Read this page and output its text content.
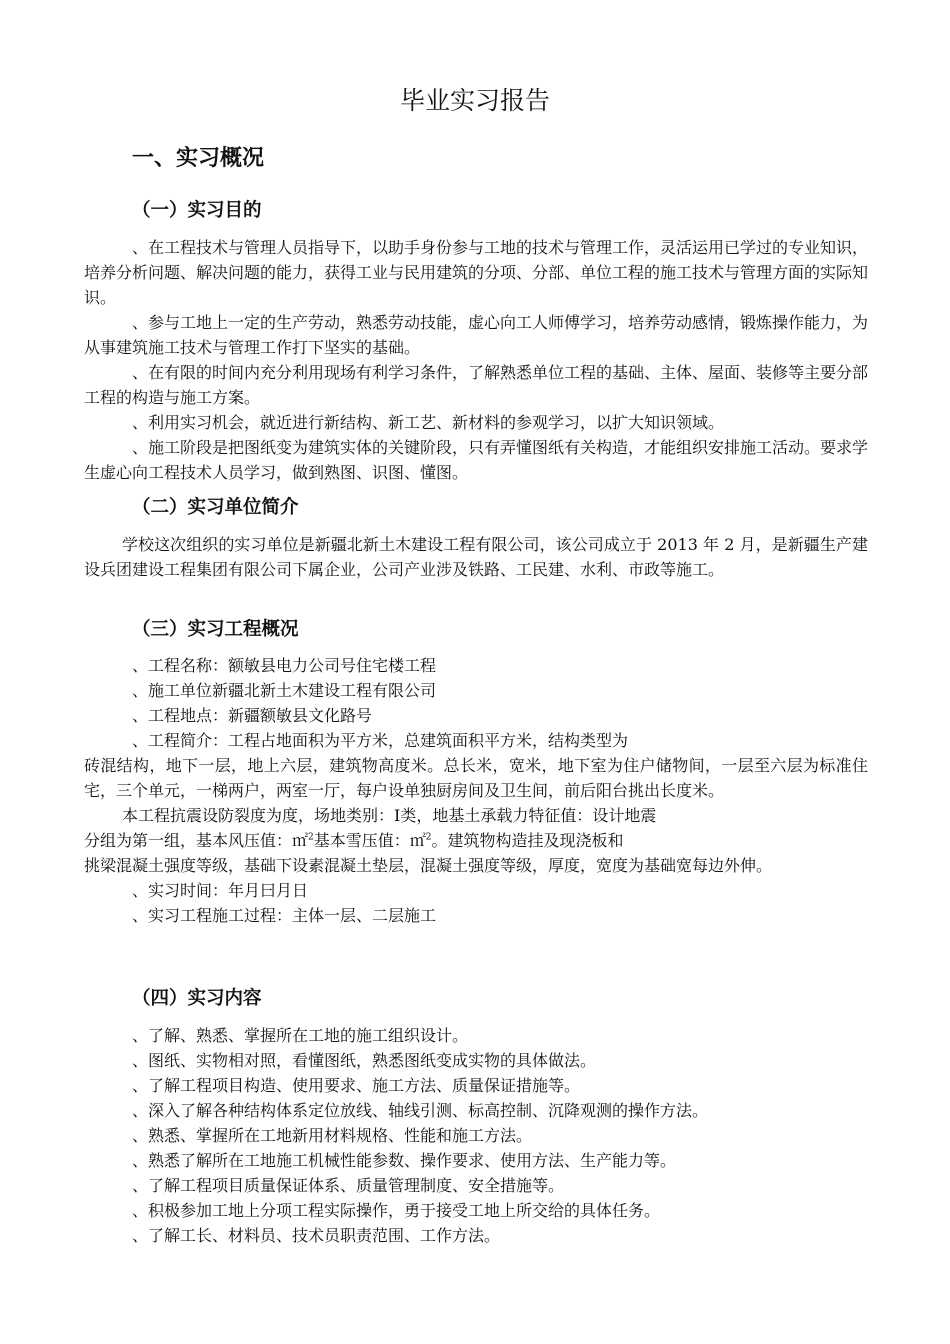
毕业实习报告
一、实习概况
（一）实习目的

、在工程技术与管理人员指导下，以助手身份参与工地的技术与管理工作，灵活运用已学过的专业知识，培养分析问题、解决问题的能力，获得工业与民用建筑的分项、分部、单位工程的施工技术与管理方面的实际知识。

、参与工地上一定的生产劳动，熟悉劳动技能，虚心向工人师傅学习，培养劳动感情，锻炼操作能力，为从事建筑施工技术与管理工作打下坚实的基础。

、在有限的时间内充分利用现场有利学习条件，了解熟悉单位工程的基础、主体、屋面、装修等主要分部工程的构造与施工方案。

、利用实习机会，就近进行新结构、新工艺、新材料的参观学习，以扩大知识领域。

、施工阶段是把图纸变为建筑实体的关键阶段，只有弄懂图纸有关构造，才能组织安排施工活动。要求学生虚心向工程技术人员学习，做到熟图、识图、懂图。

（二）实习单位简介

学校这次组织的实习单位是新疆北新土木建设工程有限公司，该公司成立于 2013 年 2 月，是新疆生产建设兵团建设工程集团有限公司下属企业，公司产业涉及铁路、工民建、水利、市政等施工。

（三）实习工程概况

、工程名称：额敏县电力公司号住宅楼工程

、施工单位新疆北新土木建设工程有限公司

、工程地点：新疆额敏县文化路号

、工程简介：工程占地面积为平方米，总建筑面积平方米，结构类型为

砖混结构，地下一层，地上六层，建筑物高度米。总长米，宽米，地下室为住户储物间，一层至六层为标准住宅，三个单元，一梯两户，两室一厅，每户设单独厨房间及卫生间，前后阳台挑出长度米。

本工程抗震设防裂度为度，场地类别：Ⅰ类，地基土承载力特征值：设计地震

分组为第一组，基本风压值：㎡$^2$基本雪压值：㎡$^2$。建筑物构造挂及现浇板和

挑梁混凝土强度等级，基础下设素混凝土垫层，混凝土强度等级，厚度，宽度为基础宽每边外伸。

、实习时间：年月曰月日

、实习工程施工过程：主体一层、二层施工

（四）实习内容

、了解、熟悉、掌握所在工地的施工组织设计。

、图纸、实物相对照，看懂图纸，熟悉图纸变成实物的具体做法。

、了解工程项目构造、使用要求、施工方法、质量保证措施等。

、深入了解各种结构体系定位放线、轴线引测、标高控制、沉降观测的操作方法。

、熟悉、掌握所在工地新用材料规格、性能和施工方法。

、熟悉了解所在工地施工机械性能参数、操作要求、使用方法、生产能力等。

、了解工程项目质量保证体系、质量管理制度、安全措施等。

、积极参加工地上分项工程实际操作，勇于接受工地上所交给的具体任务。

、了解工长、材料员、技术员职责范围、工作方法。
